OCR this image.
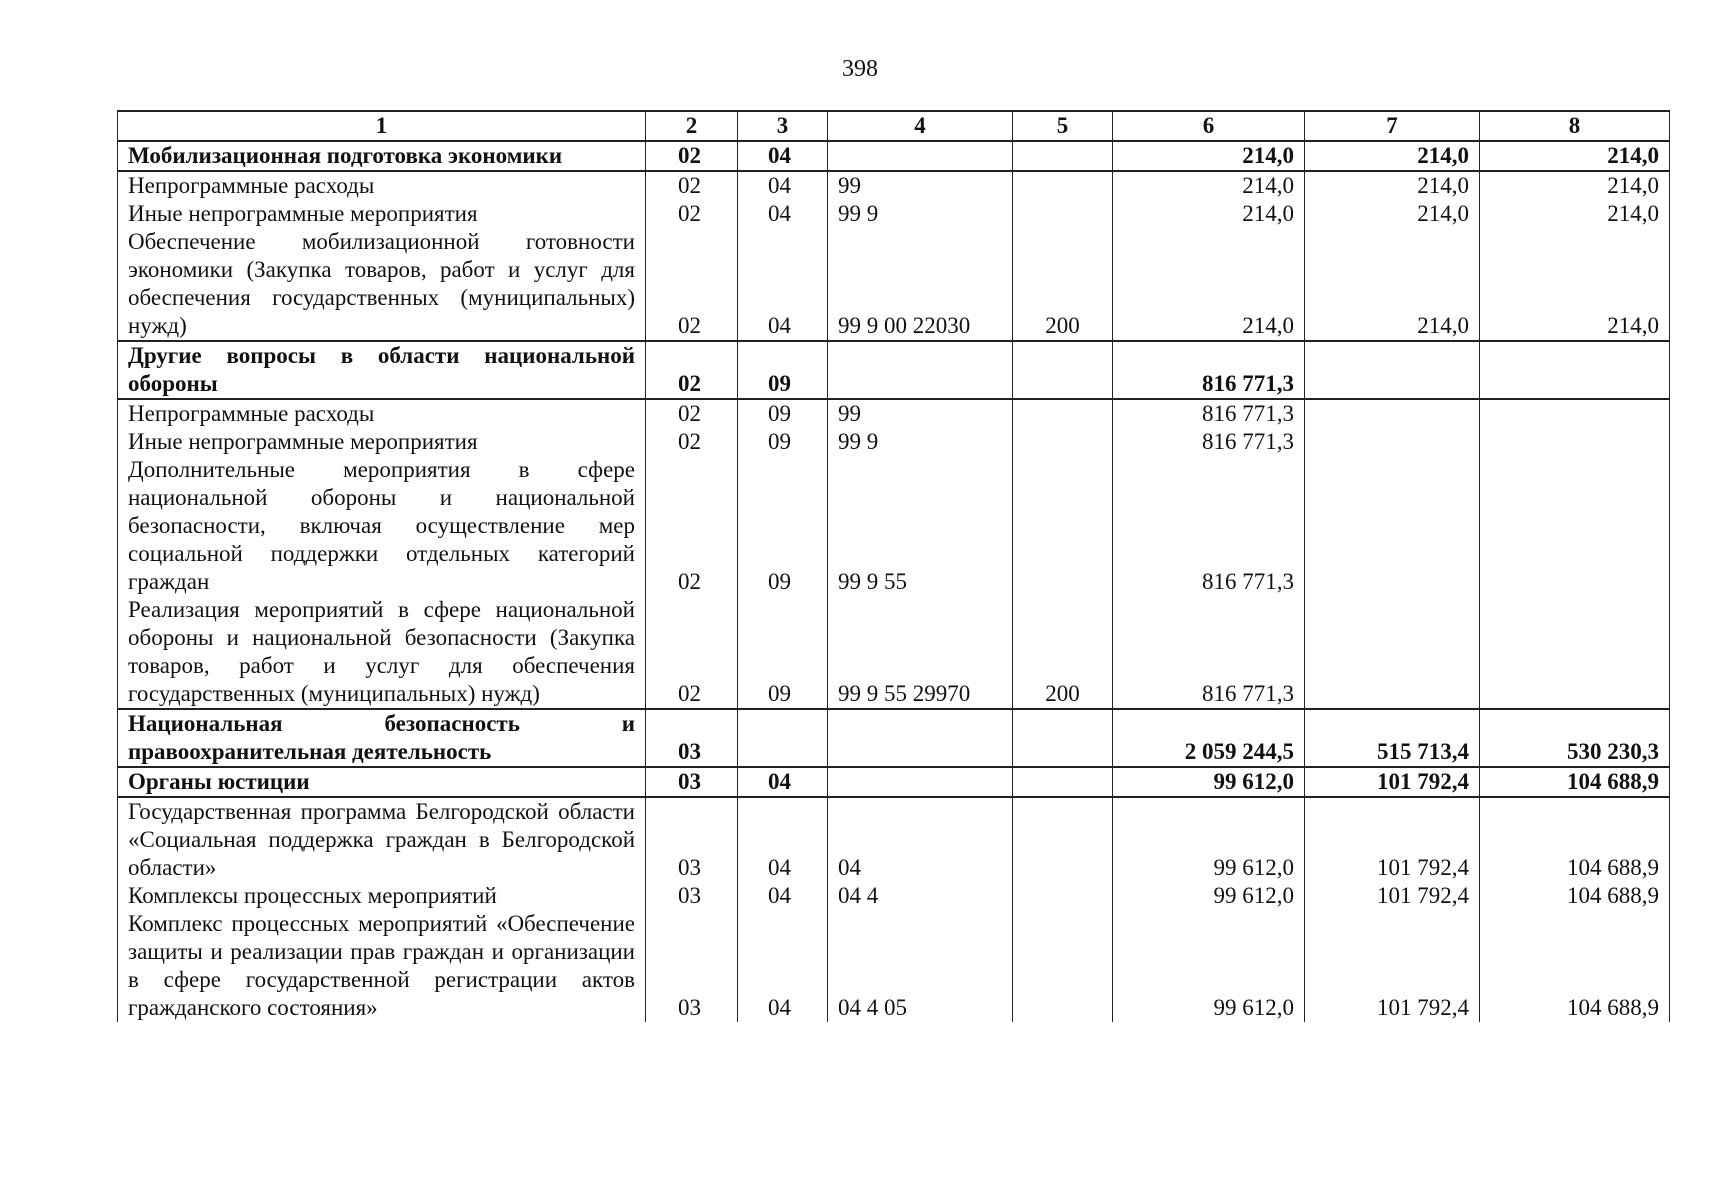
398
1	2	3	4	5	6	7	8
Мобилизационная подготовка экономики	02	04			214,0	214,0	214,0
Непрограммные расходы	02	04	99		214,0	214,0	214,0
Иные непрограммные мероприятия	02	04	99 9		214,0	214,0	214,0
Обеспечение мобилизационной готовности экономики (Закупка товаров, работ и услуг для обеспечения государственных (муниципальных) нужд)	02	04	99 9 00 22030	200	214,0	214,0	214,0
Другие вопросы в области национальной обороны	02	09			816 771,3		
Непрограммные расходы	02	09	99		816 771,3		
Иные непрограммные мероприятия	02	09	99 9		816 771,3		
Дополнительные мероприятия в сфере национальной обороны и национальной безопасности, включая осуществление мер социальной поддержки отдельных категорий граждан	02	09	99 9 55		816 771,3		
Реализация мероприятий в сфере национальной обороны и национальной безопасности (Закупка товаров, работ и услуг для обеспечения государственных (муниципальных) нужд)	02	09	99 9 55 29970	200	816 771,3		
Национальная безопасность и правоохранительная деятельность	03				2 059 244,5	515 713,4	530 230,3
Органы юстиции	03	04			99 612,0	101 792,4	104 688,9
Государственная программа Белгородской области «Социальная поддержка граждан в Белгородской области»	03	04	04		99 612,0	101 792,4	104 688,9
Комплексы процессных мероприятий	03	04	04 4		99 612,0	101 792,4	104 688,9
Комплекс процессных мероприятий «Обеспечение защиты и реализации прав граждан и организации в сфере государственной регистрации актов гражданского состояния»	03	04	04 4 05		99 612,0	101 792,4	104 688,9
